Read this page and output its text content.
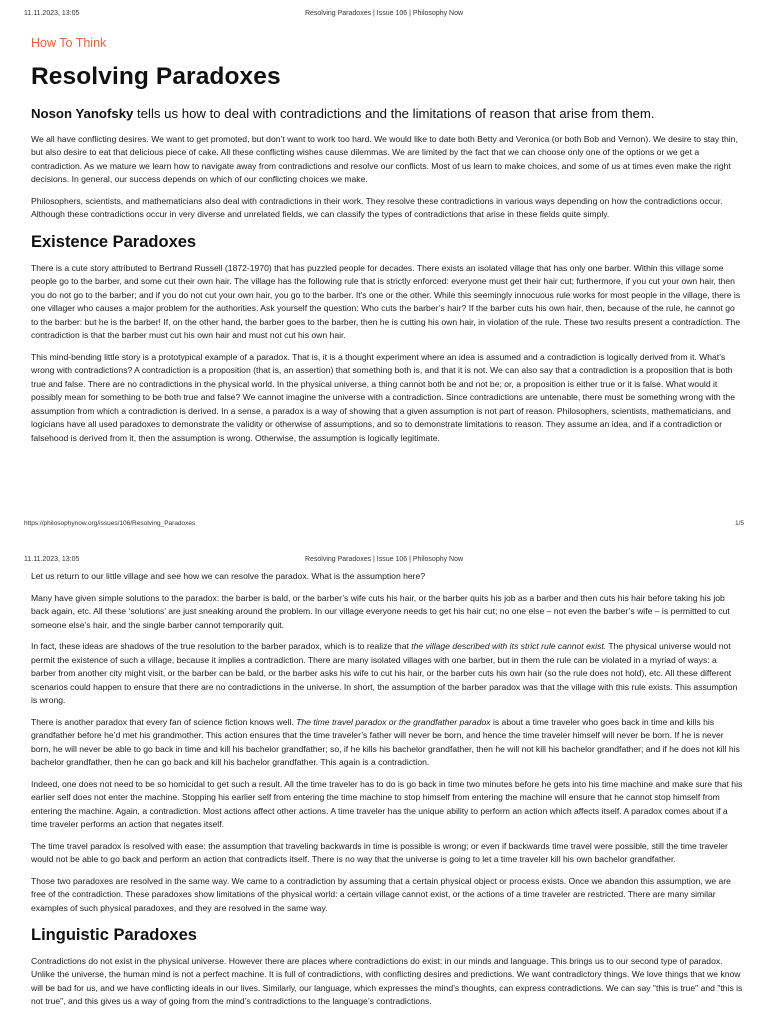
11.11.2023, 13:05	Resolving Paradoxes | Issue 106 | Philosophy Now
How To Think
Resolving Paradoxes
Noson Yanofsky tells us how to deal with contradictions and the limitations of reason that arise from them.

We all have conflicting desires. We want to get promoted, but don’t want to work too hard. We would like to date both Betty and Veronica (or both Bob and Vernon). We desire to stay thin, but also desire to eat that delicious piece of cake. All these conflicting wishes cause dilemmas. We are limited by the fact that we can choose only one of the options or we get a contradiction. As we mature we learn how to navigate away from contradictions and resolve our conflicts. Most of us learn to make choices, and some of us at times even make the right decisions. In general, our success depends on which of our conflicting choices we make.

Philosophers, scientists, and mathematicians also deal with contradictions in their work. They resolve these contradictions in various ways depending on how the contradictions occur. Although these contradictions occur in very diverse and unrelated fields, we can classify the types of contradictions that arise in these fields quite simply.

Existence Paradoxes

There is a cute story attributed to Bertrand Russell (1872-1970) that has puzzled people for decades. There exists an isolated village that has only one barber. Within this village some people go to the barber, and some cut their own hair. The village has the following rule that is strictly enforced: everyone must get their hair cut; furthermore, if you cut your own hair, then you do not go to the barber; and if you do not cut your own hair, you go to the barber. It's one or the other. While this seemingly innocuous rule works for most people in the village, there is one villager who causes a major problem for the authorities. Ask yourself the question: Who cuts the barber’s hair? If the barber cuts his own hair, then, because of the rule, he cannot go to the barber: but he is the barber! If, on the other hand, the barber goes to the barber, then he is cutting his own hair, in violation of the rule. These two results present a contradiction. The contradiction is that the barber must cut his own hair and must not cut his own hair.

This mind-bending little story is a prototypical example of a paradox. That is, it is a thought experiment where an idea is assumed and a contradiction is logically derived from it. What’s wrong with contradictions? A contradiction is a proposition (that is, an assertion) that something both is, and that it is not. We can also say that a contradiction is a proposition that is both true and false. There are no contradictions in the physical world. In the physical universe, a thing cannot both be and not be; or, a proposition is either true or it is false. What would it possibly mean for something to be both true and false? We cannot imagine the universe with a contradiction. Since contradictions are untenable, there must be something wrong with the assumption from which a contradiction is derived. In a sense, a paradox is a way of showing that a given assumption is not part of reason. Philosophers, scientists, mathematicians, and logicians have all used paradoxes to demonstrate the validity or otherwise of assumptions, and so to demonstrate limitations to reason. They assume an idea, and if a contradiction or falsehood is derived from it, then the assumption is wrong. Otherwise, the assumption is logically legitimate.

https://philosophynow.org/issues/106/Resolving_Paradoxes	1/5
11.11.2023, 13:05	Resolving Paradoxes | Issue 106 | Philosophy Now

Let us return to our little village and see how we can resolve the paradox. What is the assumption here?

Many have given simple solutions to the paradox: the barber is bald, or the barber’s wife cuts his hair, or the barber quits his job as a barber and then cuts his hair before taking his job back again, etc. All these ‘solutions’ are just sneaking around the problem. In our village everyone needs to get his hair cut; no one else – not even the barber’s wife – is permitted to cut someone else’s hair, and the single barber cannot temporarily quit.

In fact, these ideas are shadows of the true resolution to the barber paradox, which is to realize that the village described with its strict rule cannot exist. The physical universe would not permit the existence of such a village, because it implies a contradiction. There are many isolated villages with one barber, but in them the rule can be violated in a myriad of ways: a barber from another city might visit, or the barber can be bald, or the barber asks his wife to cut his hair, or the barber cuts his own hair (so the rule does not hold), etc. All these different scenarios could happen to ensure that there are no contradictions in the universe. In short, the assumption of the barber paradox was that the village with this rule exists. This assumption is wrong.

There is another paradox that every fan of science fiction knows well. The time travel paradox or the grandfather paradox is about a time traveler who goes back in time and kills his grandfather before he’d met his grandmother. This action ensures that the time traveler’s father will never be born, and hence the time traveler himself will never be born. If he is never born, he will never be able to go back in time and kill his bachelor grandfather; so, if he kills his bachelor grandfather, then he will not kill his bachelor grandfather; and if he does not kill his bachelor grandfather, then he can go back and kill his bachelor grandfather. This again is a contradiction.

Indeed, one does not need to be so homicidal to get such a result. All the time traveler has to do is go back in time two minutes before he gets into his time machine and make sure that his earlier self does not enter the machine. Stopping his earlier self from entering the time machine to stop himself from entering the machine will ensure that he cannot stop himself from entering the machine. Again, a contradiction. Most actions affect other actions. A time traveler has the unique ability to perform an action which affects itself. A paradox comes about if a time traveler performs an action that negates itself.

The time travel paradox is resolved with ease: the assumption that traveling backwards in time is possible is wrong; or even if backwards time travel were possible, still the time traveler would not be able to go back and perform an action that contradicts itself. There is no way that the universe is going to let a time traveler kill his own bachelor grandfather.

Those two paradoxes are resolved in the same way. We came to a contradiction by assuming that a certain physical object or process exists. Once we abandon this assumption, we are free of the contradiction. These paradoxes show limitations of the physical world: a certain village cannot exist, or the actions of a time traveler are restricted. There are many similar examples of such physical paradoxes, and they are resolved in the same way.

Linguistic Paradoxes

Contradictions do not exist in the physical universe. However there are places where contradictions do exist: in our minds and language. This brings us to our second type of paradox. Unlike the universe, the human mind is not a perfect machine. It is full of contradictions, with conflicting desires and predictions. We want contradictory things. We love things that we know will be bad for us, and we have conflicting ideals in our lives. Similarly, our language, which expresses the mind’s thoughts, can express contradictions. We can say "this is true" and "this is not true", and this gives us a way of going from the mind’s contradictions to the language’s contradictions.
